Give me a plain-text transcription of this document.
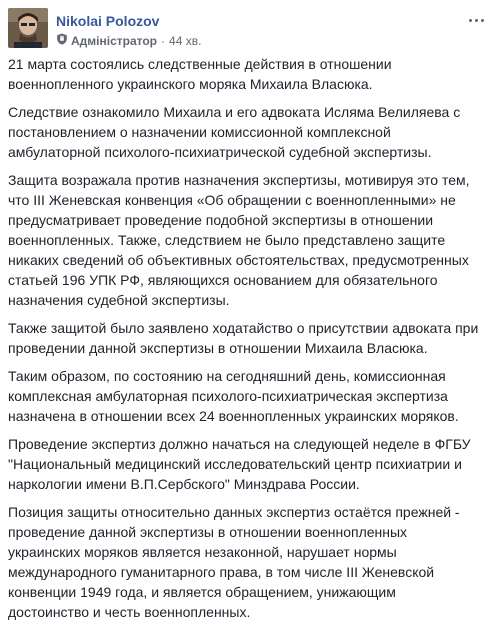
Nikolai Polozov
Адміністратор · 44 хв.

21 марта состоялись следственные действия в отношении военнопленного украинского моряка Михаила Власюка.

Следствие ознакомило Михаила и его адвоката Исляма Велиляева с постановлением о назначении комиссионной комплексной амбулаторной психолого-психиатрической судебной экспертизы.

Защита возражала против назначения экспертизы, мотивируя это тем, что III Женевская конвенция «Об обращении с военнопленными» не предусматривает проведение подобной экспертизы в отношении военнопленных. Также, следствием не было представлено защите никаких сведений об объективных обстоятельствах, предусмотренных статьей 196 УПК РФ, являющихся основанием для обязательного назначения судебной экспертизы.

Также защитой было заявлено ходатайство о присутствии адвоката при проведении данной экспертизы в отношении Михаила Власюка.

Таким образом, по состоянию на сегодняшний день, комиссионная комплексная амбулаторная психолого-психиатрическая экспертиза назначена в отношении всех 24 военнопленных украинских моряков.

Проведение экспертиз должно начаться на следующей неделе в ФГБУ "Национальный медицинский исследовательский центр психиатрии и наркологии имени В.П.Сербского" Минздрава России.

Позиция защиты относительно данных экспертиз остаётся прежней - проведение данной экспертизы в отношении военнопленных украинских моряков является незаконной, нарушает нормы международного гуманитарного права, в том числе III Женевской конвенции 1949 года, и является обращением, унижающим достоинство и честь военнопленных.
